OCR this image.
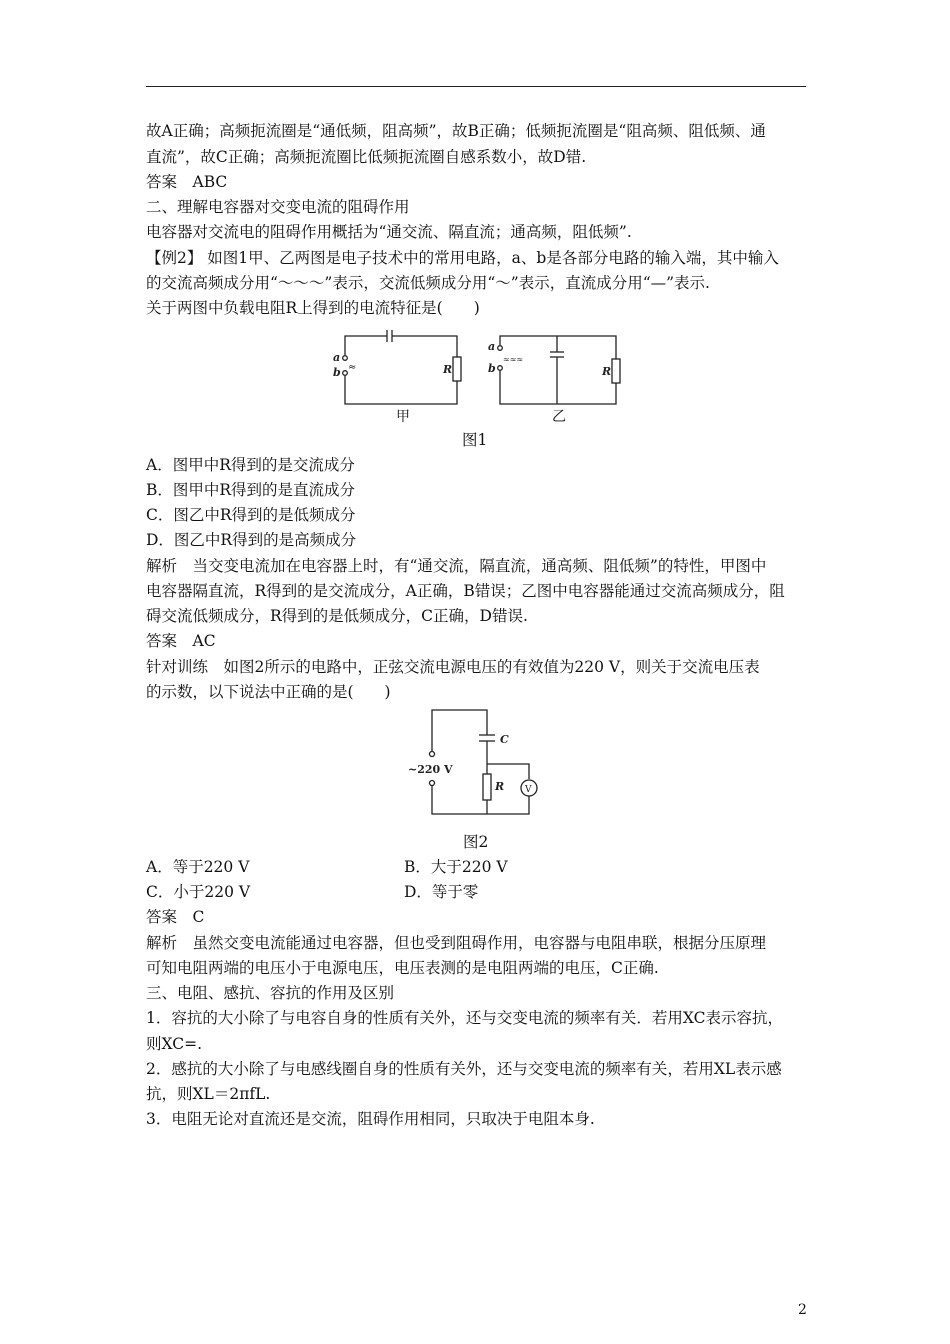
故A正确；高频扼流圈是“通低频，阻高频”，故B正确；低频扼流圈是“阻高频、阻低频、通
直流”，故C正确；高频扼流圈比低频扼流圈自感系数小，故D错.
答案　ABC
二、理解电容器对交变电流的阻碍作用
电容器对交流电的阻碍作用概括为“通交流、隔直流；通高频，阻低频”.
【例2】 如图1甲、乙两图是电子技术中的常用电路，a、b是各部分电路的输入端，其中输入
的交流高频成分用“～～～”表示，交流低频成分用“～”表示，直流成分用“—”表示.
关于两图中负载电阻R上得到的电流特征是(　　)
a
b	R
a
b	R
≈
≈≈≈
甲	乙
图1
A．图甲中R得到的是交流成分
B．图甲中R得到的是直流成分
C．图乙中R得到的是低频成分
D．图乙中R得到的是高频成分
解析　当交变电流加在电容器上时，有“通交流，隔直流，通高频、阻低频”的特性，甲图中
电容器隔直流，R得到的是交流成分，A正确，B错误；乙图中电容器能通过交流高频成分，阻
碍交流低频成分，R得到的是低频成分，C正确，D错误.
答案　AC
针对训练　如图2所示的电路中，正弦交流电源电压的有效值为220 V，则关于交流电压表
的示数，以下说法中正确的是(　　)
C
R V
~220 V
图2
A．等于220 V	B．大于220 V
C．小于220 V	D．等于零
答案　C
解析　虽然交变电流能通过电容器，但也受到阻碍作用，电容器与电阻串联，根据分压原理
可知电阻两端的电压小于电源电压，电压表测的是电阻两端的电压，C正确.
三、电阻、感抗、容抗的作用及区别
1．容抗的大小除了与电容自身的性质有关外，还与交变电流的频率有关．若用XC表示容抗，
则XC=.
2．感抗的大小除了与电感线圈自身的性质有关外，还与交变电流的频率有关，若用XL表示感
抗，则XL＝2πfL.
3．电阻无论对直流还是交流，阻碍作用相同，只取决于电阻本身.
2
